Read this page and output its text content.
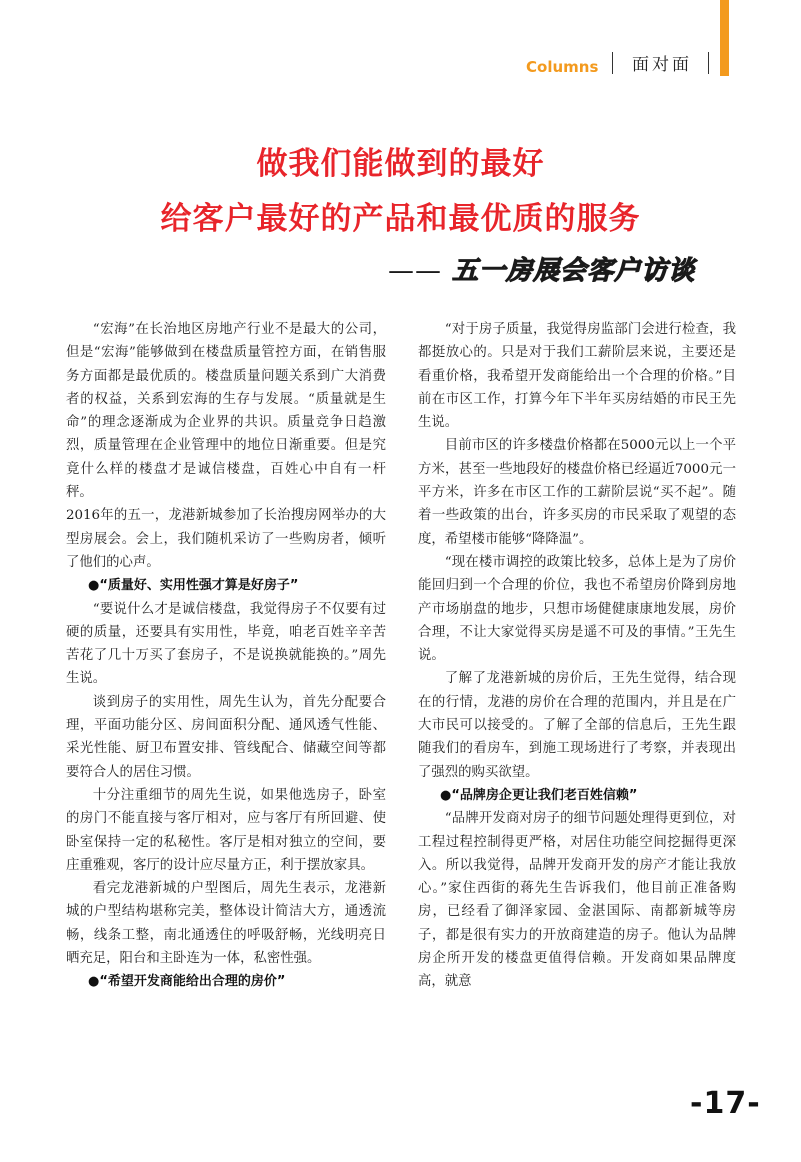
Columns 面对面
做我们能做到的最好
给客户最好的产品和最优质的服务
—— 五一房展会客户访谈

“宏海”在长治地区房地产行业不是最大的公司，但是“宏海”能够做到在楼盘质量管控方面，在销售服务方面都是最优质的。楼盘质量问题关系到广大消费者的权益，关系到宏海的生存与发展。“质量就是生命”的理念逐渐成为企业界的共识。质量竞争日趋激烈，质量管理在企业管理中的地位日渐重要。但是究竟什么样的楼盘才是诚信楼盘，百姓心中自有一杆秤。

2016年的五一，龙港新城参加了长治搜房网举办的大型房展会。会上，我们随机采访了一些购房者，倾听了他们的心声。

●“质量好、实用性强才算是好房子”

“要说什么才是诚信楼盘，我觉得房子不仅要有过硬的质量，还要具有实用性，毕竟，咱老百姓辛辛苦苦花了几十万买了套房子，不是说换就能换的。”周先生说。

谈到房子的实用性，周先生认为，首先分配要合理，平面功能分区、房间面积分配、通风透气性能、采光性能、厨卫布置安排、管线配合、储藏空间等都要符合人的居住习惯。

十分注重细节的周先生说，如果他选房子，卧室的房门不能直接与客厅相对，应与客厅有所回避、使卧室保持一定的私秘性。客厅是相对独立的空间，要庄重雅观，客厅的设计应尽量方正，利于摆放家具。

看完龙港新城的户型图后，周先生表示，龙港新城的户型结构堪称完美，整体设计简洁大方，通透流畅，线条工整，南北通透住的呼吸舒畅，光线明亮日晒充足，阳台和主卧连为一体，私密性强。

●“希望开发商能给出合理的房价”

“对于房子质量，我觉得房监部门会进行检查，我都挺放心的。只是对于我们工薪阶层来说，主要还是看重价格，我希望开发商能给出一个合理的价格。”目前在市区工作，打算今年下半年买房结婚的市民王先生说。

目前市区的许多楼盘价格都在5000元以上一个平方米，甚至一些地段好的楼盘价格已经逼近7000元一平方米，许多在市区工作的工薪阶层说“买不起”。随着一些政策的出台，许多买房的市民采取了观望的态度，希望楼市能够“降降温”。

“现在楼市调控的政策比较多，总体上是为了房价能回归到一个合理的价位，我也不希望房价降到房地产市场崩盘的地步，只想市场健健康康地发展，房价合理，不让大家觉得买房是遥不可及的事情。”王先生说。

了解了龙港新城的房价后，王先生觉得，结合现在的行情，龙港的房价在合理的范围内，并且是在广大市民可以接受的。了解了全部的信息后，王先生跟随我们的看房车，到施工现场进行了考察，并表现出了强烈的购买欲望。

●“品牌房企更让我们老百姓信赖”

“品牌开发商对房子的细节问题处理得更到位，对工程过程控制得更严格，对居住功能空间挖掘得更深入。所以我觉得，品牌开发商开发的房产才能让我放心。”家住西街的蒋先生告诉我们，他目前正准备购房，已经看了御泽家园、金湛国际、南都新城等房子，都是很有实力的开放商建造的房子。他认为品牌房企所开发的楼盘更值得信赖。开发商如果品牌度高，就意

-17-
